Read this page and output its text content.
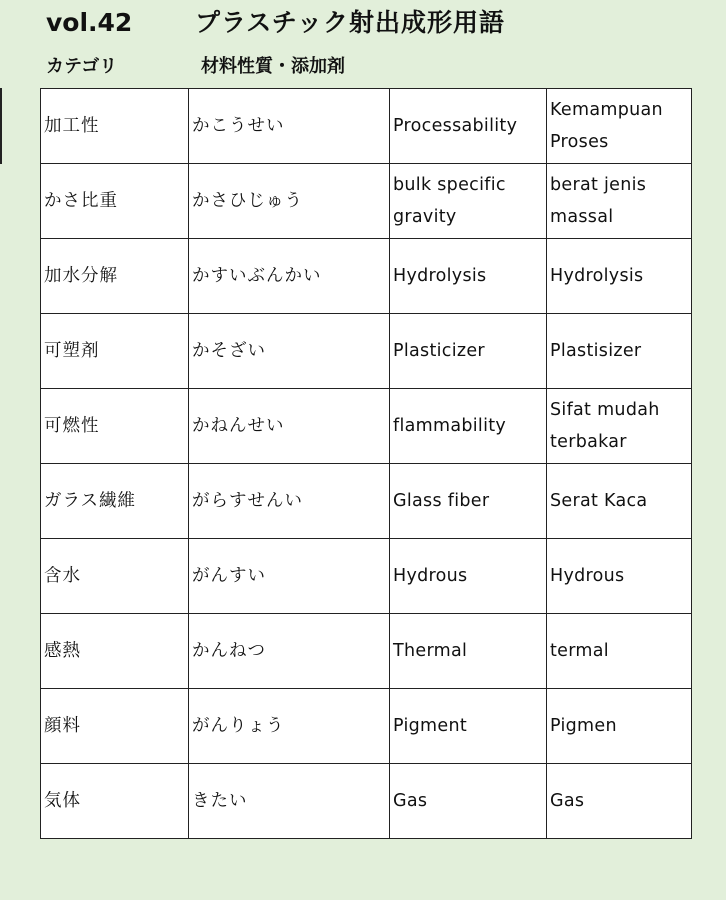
vol.42	プラスチック射出成形用語
カテゴリ	材料性質・添加剤
加工性	かこうせい	Processability	Kemampuan Proses
かさ比重	かさひじゅう	bulk specific gravity	berat jenis massal
加水分解	かすいぶんかい	Hydrolysis	Hydrolysis
可塑剤	かそざい	Plasticizer	Plastisizer
可燃性	かねんせい	flammability	Sifat mudah terbakar
ガラス繊維	がらすせんい	Glass fiber	Serat Kaca
含水	がんすい	Hydrous	Hydrous
感熱	かんねつ	Thermal	termal
顔料	がんりょう	Pigment	Pigmen
気体	きたい	Gas	Gas
